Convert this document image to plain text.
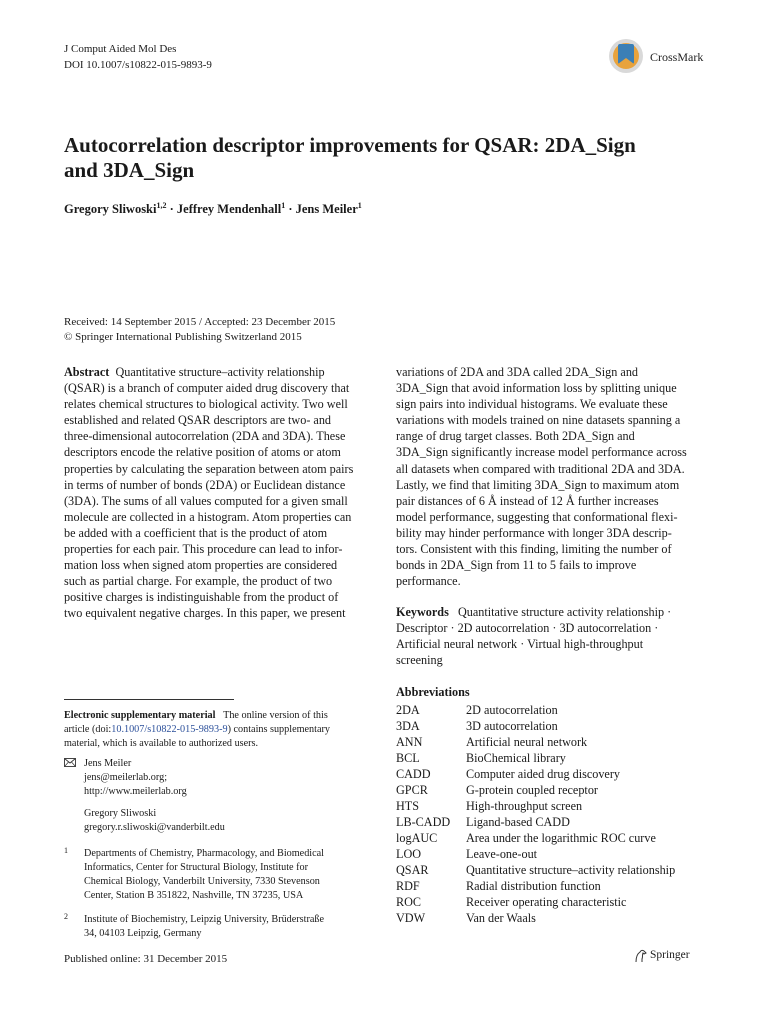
J Comput Aided Mol Des
DOI 10.1007/s10822-015-9893-9
CrossMark
Autocorrelation descriptor improvements for QSAR: 2DA_Sign
and 3DA_Sign
Gregory Sliwoski$^{1,2}$ · Jeffrey Mendenhall$^1$ · Jens Meiler$^1$
Received: 14 September 2015 / Accepted: 23 December 2015
© Springer International Publishing Switzerland 2015
Abstract Quantitative structure–activity relationship
(QSAR) is a branch of computer aided drug discovery that
relates chemical structures to biological activity. Two well
established and related QSAR descriptors are two- and
three-dimensional autocorrelation (2DA and 3DA). These
descriptors encode the relative position of atoms or atom
properties by calculating the separation between atom pairs
in terms of number of bonds (2DA) or Euclidean distance
(3DA). The sums of all values computed for a given small
molecule are collected in a histogram. Atom properties can
be added with a coefficient that is the product of atom
properties for each pair. This procedure can lead to infor-
mation loss when signed atom properties are considered
such as partial charge. For example, the product of two
positive charges is indistinguishable from the product of
two equivalent negative charges. In this paper, we present
variations of 2DA and 3DA called 2DA_Sign and
3DA_Sign that avoid information loss by splitting unique
sign pairs into individual histograms. We evaluate these
variations with models trained on nine datasets spanning a
range of drug target classes. Both 2DA_Sign and
3DA_Sign significantly increase model performance across
all datasets when compared with traditional 2DA and 3DA.
Lastly, we find that limiting 3DA_Sign to maximum atom
pair distances of 6 Å instead of 12 Å further increases
model performance, suggesting that conformational flexi-
bility may hinder performance with longer 3DA descrip-
tors. Consistent with this finding, limiting the number of
bonds in 2DA_Sign from 11 to 5 fails to improve
performance.
Keywords Quantitative structure activity relationship ·
Descriptor · 2D autocorrelation · 3D autocorrelation ·
Artificial neural network · Virtual high-throughput
screening
Electronic supplementary material The online version of this
article (doi:10.1007/s10822-015-9893-9) contains supplementary
material, which is available to authorized users.
Jens Meiler
jens@meilerlab.org;
http://www.meilerlab.org
Gregory Sliwoski
gregory.r.sliwoski@vanderbilt.edu
1 Departments of Chemistry, Pharmacology, and Biomedical
Informatics, Center for Structural Biology, Institute for
Chemical Biology, Vanderbilt University, 7330 Stevenson
Center, Station B 351822, Nashville, TN 37235, USA
2 Institute of Biochemistry, Leipzig University, Brüderstraße
34, 04103 Leipzig, Germany
Abbreviations
2DA	2D autocorrelation
3DA	3D autocorrelation
ANN	Artificial neural network
BCL	BioChemical library
CADD	Computer aided drug discovery
GPCR	G-protein coupled receptor
HTS	High-throughput screen
LB-CADD	Ligand-based CADD
logAUC	Area under the logarithmic ROC curve
LOO	Leave-one-out
QSAR	Quantitative structure–activity relationship
RDF	Radial distribution function
ROC	Receiver operating characteristic
VDW	Van der Waals
Published online: 31 December 2015	Springer
